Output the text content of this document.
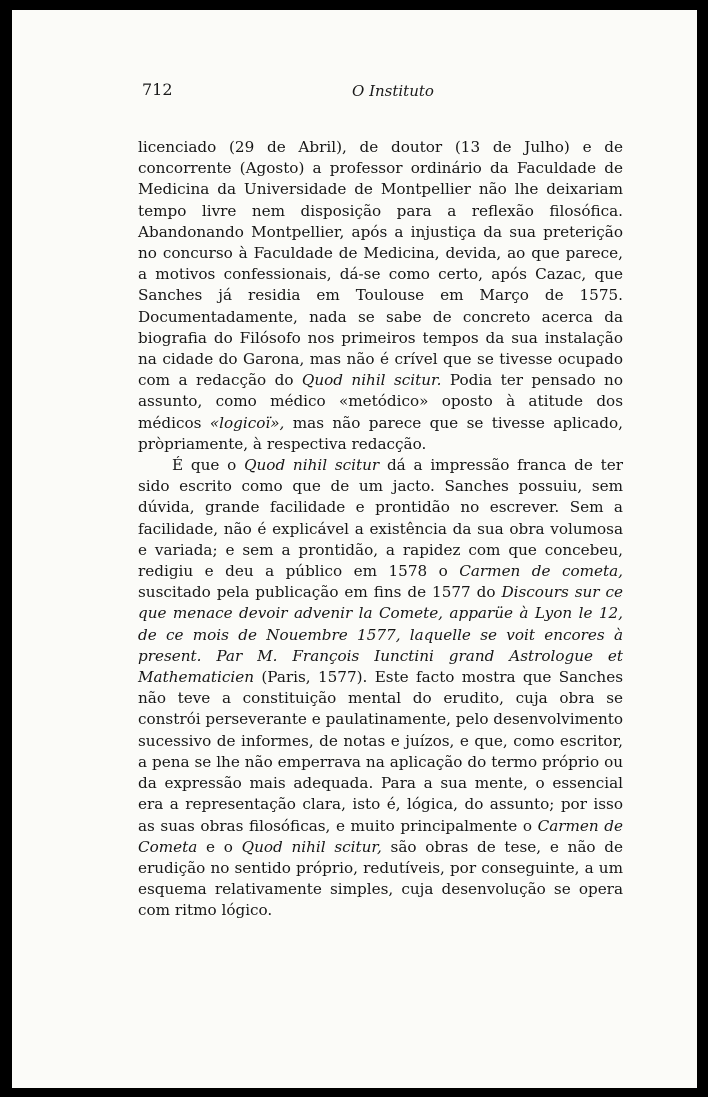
712	O Instituto

licenciado (29 de Abril), de doutor (13 de Julho) e de concorrente (Agosto) a professor ordinário da Faculdade de Medicina da Universidade de Montpellier não lhe deixariam tempo livre nem disposição para a reflexão filosófica. Abandonando Montpellier, após a injustiça da sua preterição no concurso à Faculdade de Medicina, devida, ao que parece, a motivos confessionais, dá-se como certo, após Cazac, que Sanches já residia em Toulouse em Março de 1575. Documentadamente, nada se sabe de concreto acerca da biografia do Filósofo nos primeiros tempos da sua instalação na cidade do Garona, mas não é crível que se tivesse ocupado com a redacção do Quod nihil scitur. Podia ter pensado no assunto, como médico «metódico» oposto à atitude dos médicos «logicoï», mas não parece que se tivesse aplicado, pròpriamente, à respectiva redacção.

É que o Quod nihil scitur dá a impressão franca de ter sido escrito como que de um jacto. Sanches possuiu, sem dúvida, grande facilidade e prontidão no escrever. Sem a facilidade, não é explicável a existência da sua obra volumosa e variada; e sem a prontidão, a rapidez com que concebeu, redigiu e deu a público em 1578 o Carmen de cometa, suscitado pela publicação em fins de 1577 do Discours sur ce que menace devoir advenir la Comete, apparüe à Lyon le 12, de ce mois de Nouembre 1577, laquelle se voit encores à present. Par M. François Iunctini grand Astrologue et Mathematicien (Paris, 1577). Este facto mostra que Sanches não teve a constituição mental do erudito, cuja obra se constrói perseverante e paulatinamente, pelo desenvolvimento sucessivo de informes, de notas e juízos, e que, como escritor, a pena se lhe não emperrava na aplicação do termo próprio ou da expressão mais adequada. Para a sua mente, o essencial era a representação clara, isto é, lógica, do assunto; por isso as suas obras filosóficas, e muito principalmente o Carmen de Cometa e o Quod nihil scitur, são obras de tese, e não de erudição no sentido próprio, redutíveis, por conseguinte, a um esquema relativamente simples, cuja desenvolução se opera com ritmo lógico.
